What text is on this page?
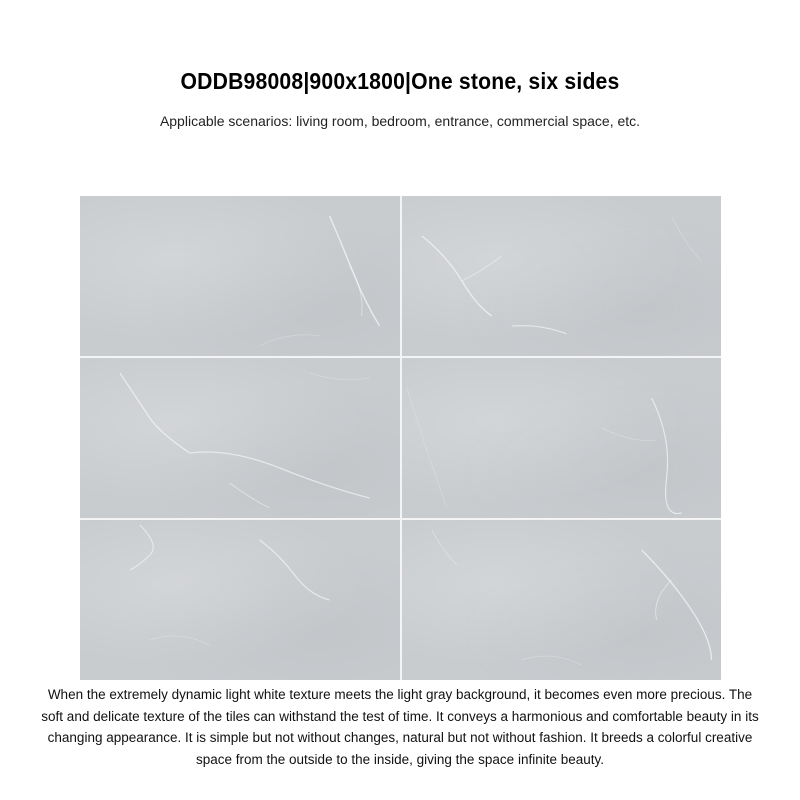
ODDB98008|900x1800|One stone, six sides
Applicable scenarios: living room, bedroom, entrance, commercial space, etc.
When the extremely dynamic light white texture meets the light gray background, it becomes even more precious. The soft and delicate texture of the tiles can withstand the test of time. It conveys a harmonious and comfortable beauty in its changing appearance. It is simple but not without changes, natural but not without fashion. It breeds a colorful creative space from the outside to the inside, giving the space infinite beauty.
